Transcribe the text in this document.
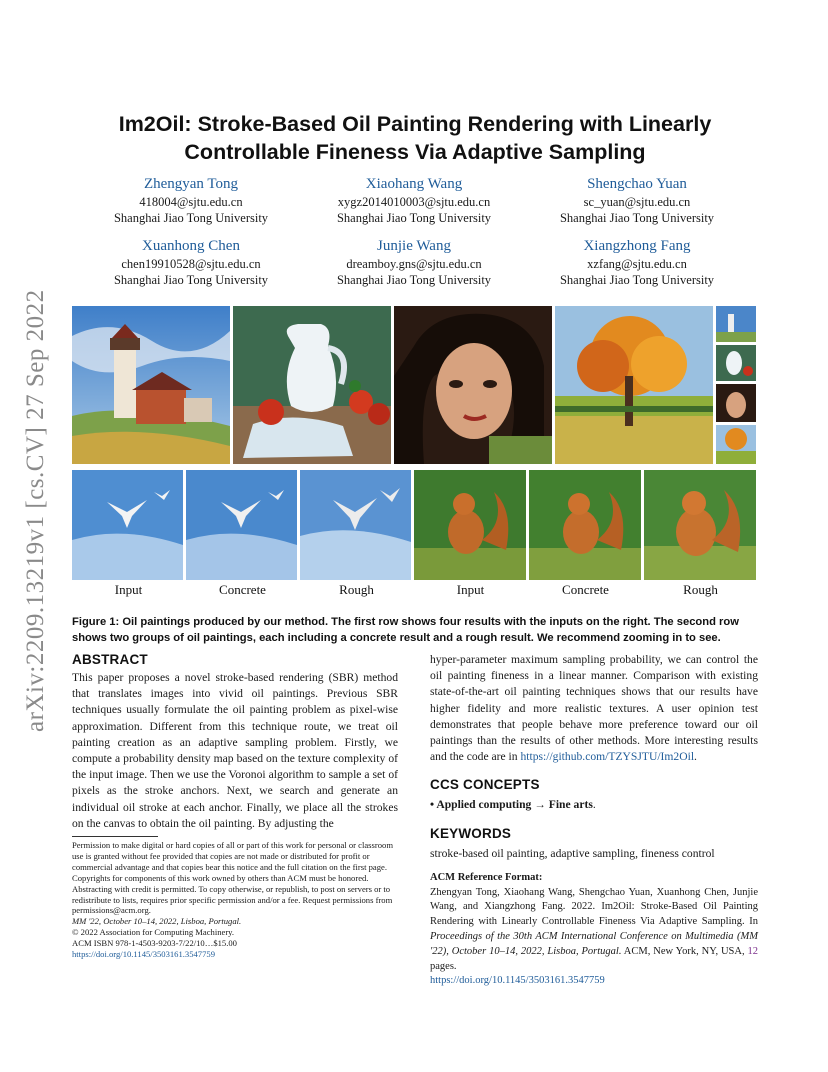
arXiv:2209.13219v1 [cs.CV] 27 Sep 2022
Im2Oil: Stroke-Based Oil Painting Rendering with Linearly
Controllable Fineness Via Adaptive Sampling
Zhengyan Tong
418004@sjtu.edu.cn
Shanghai Jiao Tong University
Xiaohang Wang
xygz2014010003@sjtu.edu.cn
Shanghai Jiao Tong University
Shengchao Yuan
sc_yuan@sjtu.edu.cn
Shanghai Jiao Tong University
Xuanhong Chen
chen19910528@sjtu.edu.cn
Shanghai Jiao Tong University
Junjie Wang
dreamboy.gns@sjtu.edu.cn
Shanghai Jiao Tong University
Xiangzhong Fang
xzfang@sjtu.edu.cn
Shanghai Jiao Tong University
Input	Concrete	Rough	Input	Concrete	Rough
Figure 1: Oil paintings produced by our method. The first row shows four results with the inputs on the right. The second row shows two groups of oil paintings, each including a concrete result and a rough result. We recommend zooming in to see.
ABSTRACT
This paper proposes a novel stroke-based rendering (SBR) method that translates images into vivid oil paintings. Previous SBR techniques usually formulate the oil painting problem as pixel-wise approximation. Different from this technique route, we treat oil painting creation as an adaptive sampling problem. Firstly, we compute a probability density map based on the texture complexity of the input image. Then we use the Voronoi algorithm to sample a set of pixels as the stroke anchors. Next, we search and generate an individual oil stroke at each anchor. Finally, we place all the strokes on the canvas to obtain the oil painting. By adjusting the
Permission to make digital or hard copies of all or part of this work for personal or classroom use is granted without fee provided that copies are not made or distributed for profit or commercial advantage and that copies bear this notice and the full citation on the first page. Copyrights for components of this work owned by others than ACM must be honored. Abstracting with credit is permitted. To copy otherwise, or republish, to post on servers or to redistribute to lists, requires prior specific permission and/or a fee. Request permissions from permissions@acm.org.
MM '22, October 10–14, 2022, Lisboa, Portugal.
© 2022 Association for Computing Machinery.
ACM ISBN 978-1-4503-9203-7/22/10…$15.00
https://doi.org/10.1145/3503161.3547759
hyper-parameter maximum sampling probability, we can control the oil painting fineness in a linear manner. Comparison with existing state-of-the-art oil painting techniques shows that our results have higher fidelity and more realistic textures. A user opinion test demonstrates that people behave more preference toward our oil paintings than the results of other methods. More interesting results and the code are in https://github.com/TZYSJTU/Im2Oil.
CCS CONCEPTS
• Applied computing → Fine arts.
KEYWORDS
stroke-based oil painting, adaptive sampling, fineness control
ACM Reference Format:
Zhengyan Tong, Xiaohang Wang, Shengchao Yuan, Xuanhong Chen, Junjie Wang, and Xiangzhong Fang. 2022. Im2Oil: Stroke-Based Oil Painting Rendering with Linearly Controllable Fineness Via Adaptive Sampling. In Proceedings of the 30th ACM International Conference on Multimedia (MM '22), October 10–14, 2022, Lisboa, Portugal. ACM, New York, NY, USA, 12 pages.
https://doi.org/10.1145/3503161.3547759
